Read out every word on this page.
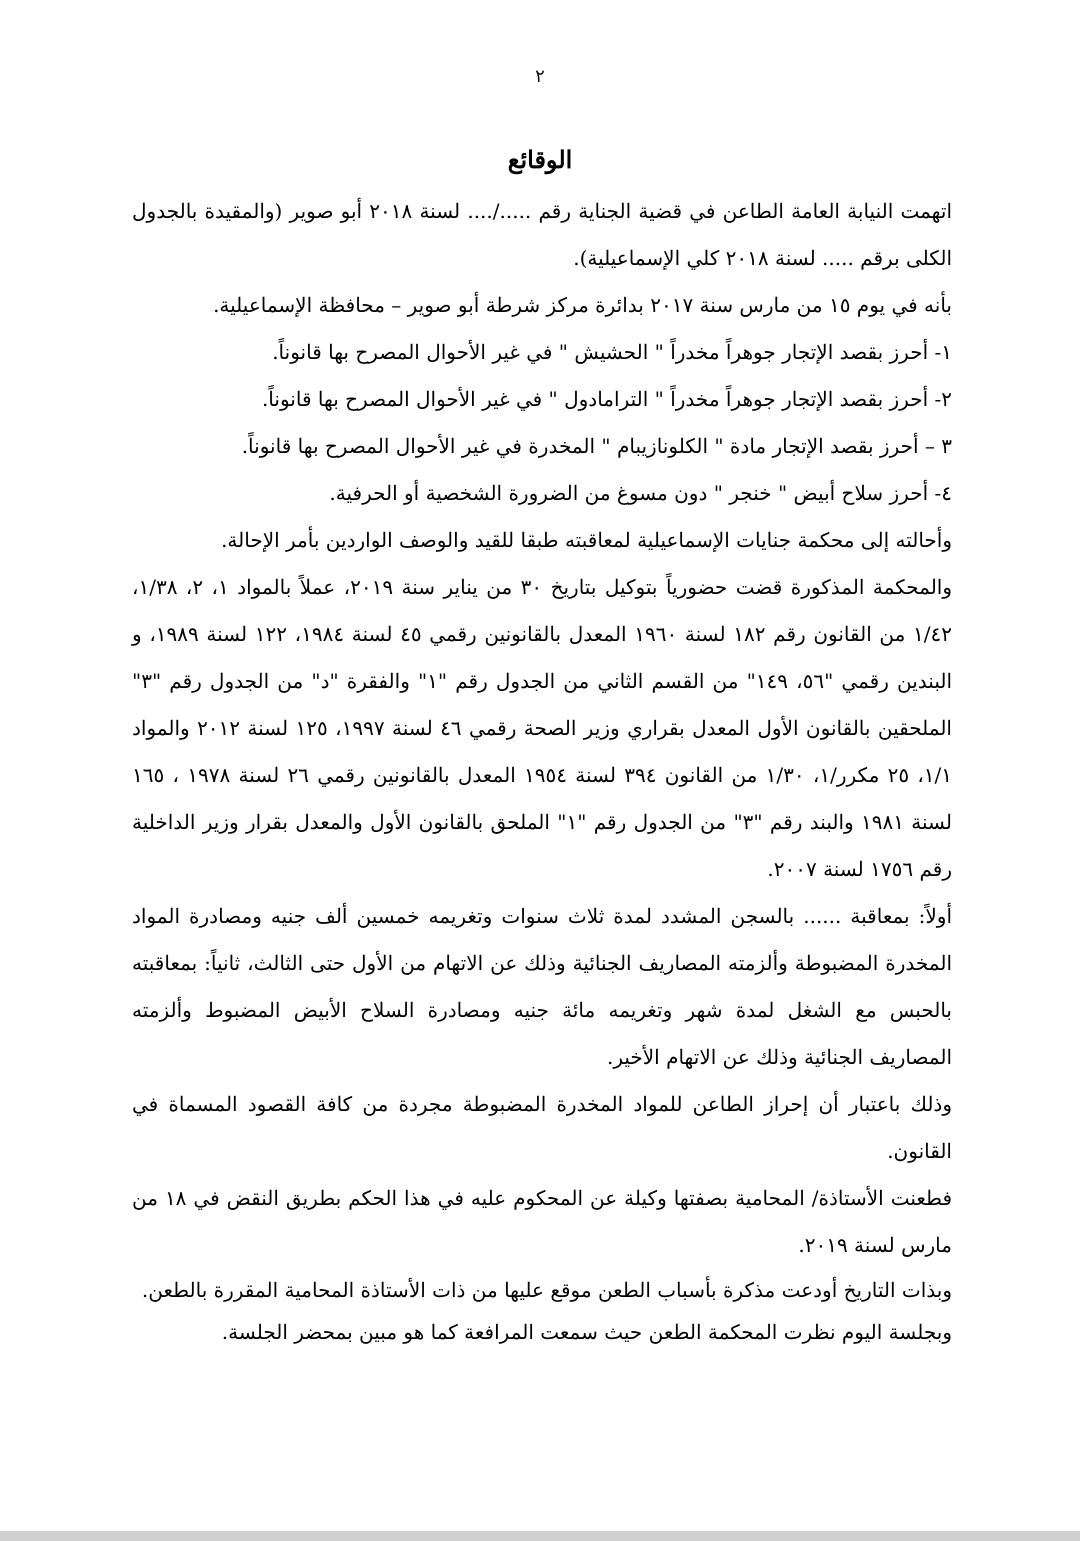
٢
الوقائع

اتهمت النيابة العامة الطاعن في قضية الجناية رقم ...../.... لسنة ٢٠١٨ أبو صوير (والمقيدة بالجدول الكلى برقم ..... لسنة ٢٠١٨ كلي الإسماعيلية).

بأنه في يوم ١٥ من مارس سنة ٢٠١٧ بدائرة مركز شرطة أبو صوير – محافظة الإسماعيلية.

١- أحرز بقصد الإتجار جوهراً مخدراً " الحشيش " في غير الأحوال المصرح بها قانوناً.

٢- أحرز بقصد الإتجار جوهراً مخدراً " الترامادول " في غير الأحوال المصرح بها قانوناً.

٣ – أحرز بقصد الإتجار مادة " الكلونازيبام " المخدرة في غير الأحوال المصرح بها قانوناً.

٤- أحرز سلاح أبيض " خنجر " دون مسوغ من الضرورة الشخصية أو الحرفية.

وأحالته إلى محكمة جنايات الإسماعيلية لمعاقبته طبقا للقيد والوصف الواردين بأمر الإحالة.

والمحكمة المذكورة قضت حضورياً بتوكيل بتاريخ ٣٠ من يناير سنة ٢٠١٩، عملاً بالمواد ١، ٢، ١/٣٨، ١/٤٢ من القانون رقم ١٨٢ لسنة ١٩٦٠ المعدل بالقانونين رقمي ٤٥ لسنة ١٩٨٤، ١٢٢ لسنة ١٩٨٩، و البندين رقمي "٥٦، ١٤٩" من القسم الثاني من الجدول رقم "١" والفقرة "د" من الجدول رقم "٣" الملحقين بالقانون الأول المعدل بقراري وزير الصحة رقمي ٤٦ لسنة ١٩٩٧، ١٢٥ لسنة ٢٠١٢ والمواد ١/١، ٢٥ مكرر/١، ١/٣٠ من القانون ٣٩٤ لسنة ١٩٥٤ المعدل بالقانونين رقمي ٢٦ لسنة ١٩٧٨ ، ١٦٥ لسنة ١٩٨١ والبند رقم "٣" من الجدول رقم "١" الملحق بالقانون الأول والمعدل بقرار وزير الداخلية رقم ١٧٥٦ لسنة ٢٠٠٧.

أولاً: بمعاقبة ...... بالسجن المشدد لمدة ثلاث سنوات وتغريمه خمسين ألف جنيه ومصادرة المواد المخدرة المضبوطة وألزمته المصاريف الجنائية وذلك عن الاتهام من الأول حتى الثالث، ثانياً: بمعاقبته بالحبس مع الشغل لمدة شهر وتغريمه مائة جنيه ومصادرة السلاح الأبيض المضبوط وألزمته المصاريف الجنائية وذلك عن الاتهام الأخير.

وذلك باعتبار أن إحراز الطاعن للمواد المخدرة المضبوطة مجردة من كافة القصود المسماة في القانون.

فطعنت الأستاذة/ المحامية بصفتها وكيلة عن المحكوم عليه في هذا الحكم بطريق النقض في ١٨ من مارس لسنة ٢٠١٩.

وبذات التاريخ أودعت مذكرة بأسباب الطعن موقع عليها من ذات الأستاذة المحامية المقررة بالطعن.

وبجلسة اليوم نظرت المحكمة الطعن حيث سمعت المرافعة كما هو مبين بمحضر الجلسة.
